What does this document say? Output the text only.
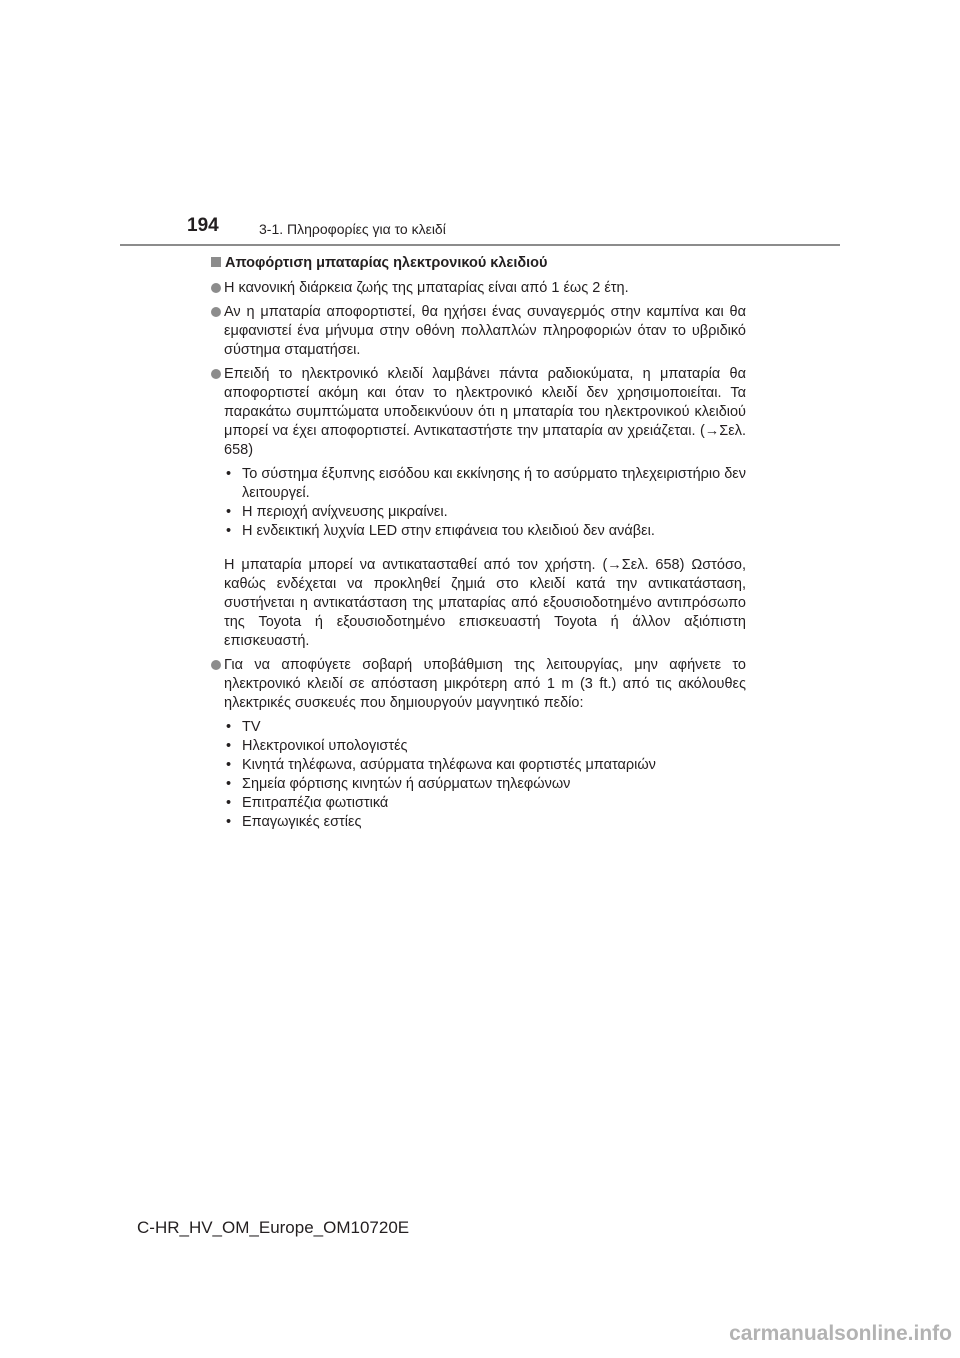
194	3-1. Πληροφορίες για το κλειδί
Αποφόρτιση μπαταρίας ηλεκτρονικού κλειδιού
Η κανονική διάρκεια ζωής της μπαταρίας είναι από 1 έως 2 έτη.
Αν η μπαταρία αποφορτιστεί, θα ηχήσει ένας συναγερμός στην καμπίνα και θα εμφανιστεί ένα μήνυμα στην οθόνη πολλαπλών πληροφοριών όταν το υβριδικό σύστημα σταματήσει.
Επειδή το ηλεκτρονικό κλειδί λαμβάνει πάντα ραδιοκύματα, η μπαταρία θα αποφορτιστεί ακόμη και όταν το ηλεκτρονικό κλειδί δεν χρησιμοποιείται. Τα παρακάτω συμπτώματα υποδεικνύουν ότι η μπαταρία του ηλεκτρονικού κλειδιού μπορεί να έχει αποφορτιστεί. Αντικαταστήστε την μπαταρία αν χρειάζεται. (→Σελ. 658)
• Το σύστημα έξυπνης εισόδου και εκκίνησης ή το ασύρματο τηλεχειριστήριο δεν λειτουργεί.
• Η περιοχή ανίχνευσης μικραίνει.
• Η ενδεικτική λυχνία LED στην επιφάνεια του κλειδιού δεν ανάβει.
Η μπαταρία μπορεί να αντικατασταθεί από τον χρήστη. (→Σελ. 658) Ωστόσο, καθώς ενδέχεται να προκληθεί ζημιά στο κλειδί κατά την αντικατάσταση, συστήνεται η αντικατάσταση της μπαταρίας από εξουσιοδοτημένο αντιπρόσωπο της Toyota ή εξουσιοδοτημένο επισκευαστή Toyota ή άλλον αξιόπιστη επισκευαστή.
Για να αποφύγετε σοβαρή υποβάθμιση της λειτουργίας, μην αφήνετε το ηλεκτρονικό κλειδί σε απόσταση μικρότερη από 1 m (3 ft.) από τις ακόλουθες ηλεκτρικές συσκευές που δημιουργούν μαγνητικό πεδίο:
• TV
• Ηλεκτρονικοί υπολογιστές
• Κινητά τηλέφωνα, ασύρματα τηλέφωνα και φορτιστές μπαταριών
• Σημεία φόρτισης κινητών ή ασύρματων τηλεφώνων
• Επιτραπέζια φωτιστικά
• Επαγωγικές εστίες
C-HR_HV_OM_Europe_OM10720E
carmanualsonline.info
